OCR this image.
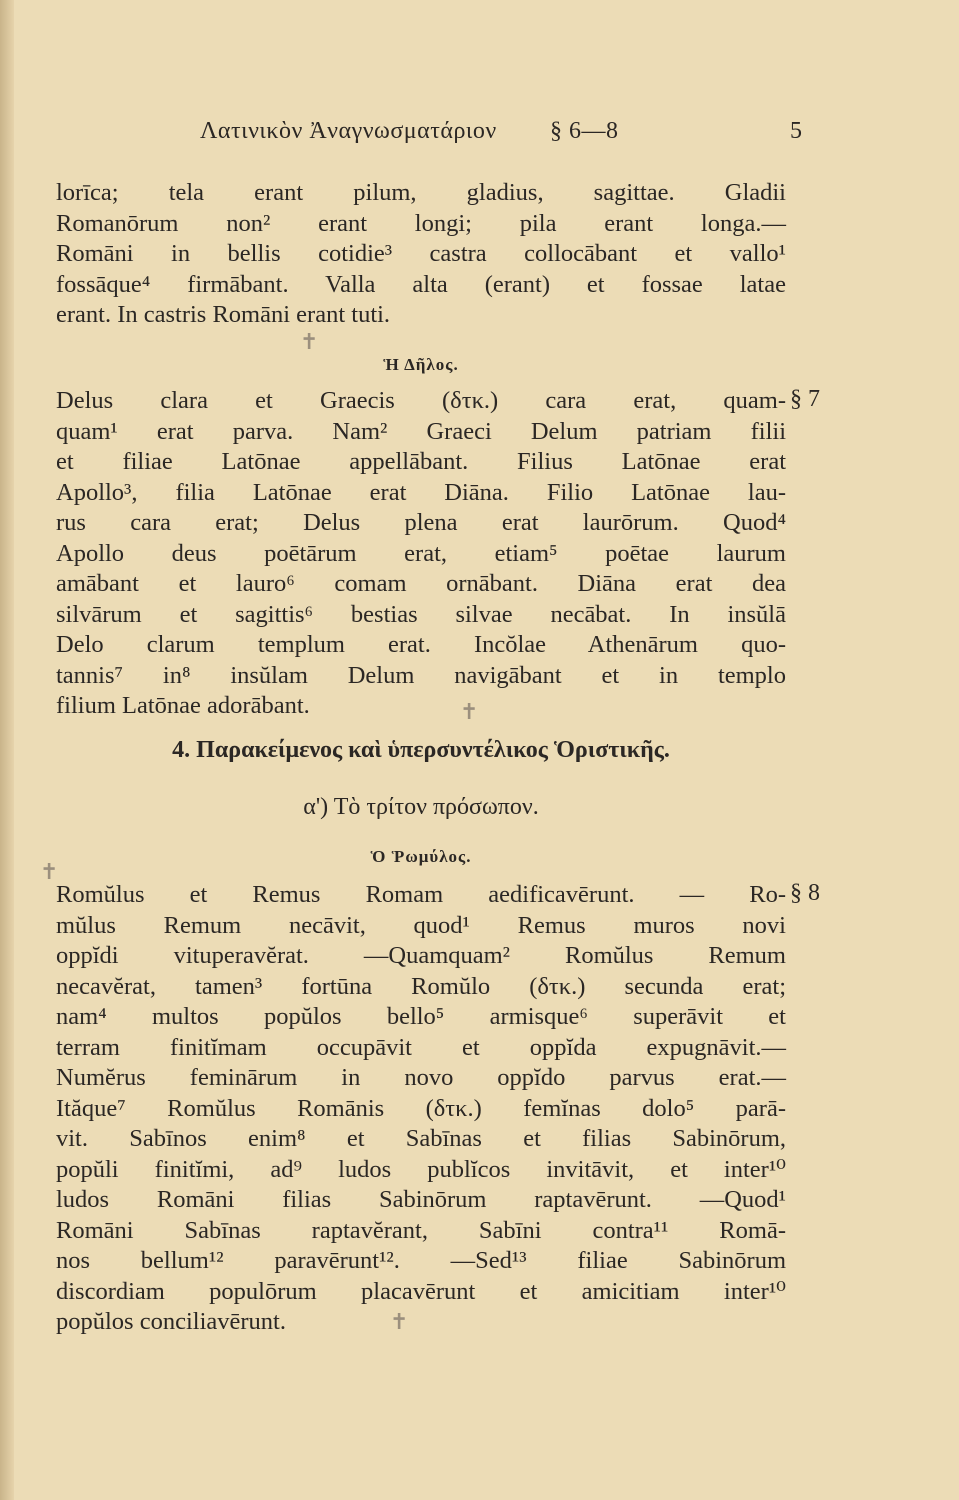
Λατινικὸν Ἀναγνωσματάριον § 6—8	5
lorīca; tela erant pilum, gladius, sagittae. Gladii
Romanōrum non² erant longi; pila erant longa.—
Romāni in bellis cotidie³ castra collocābant et vallo¹
fossāque⁴ firmābant. Valla alta (erant) et fossae latae
erant. In castris Romāni erant tuti.
Ἡ Δῆλος.
§ 7
Delus clara et Graecis (δτκ.) cara erat, quam-
quam¹ erat parva. Nam² Graeci Delum patriam filii
et filiae Latōnae appellābant. Filius Latōnae erat
Apollo³, filia Latōnae erat Diāna. Filio Latōnae lau-
rus cara erat; Delus plena erat laurōrum. Quod⁴
Apollo deus poētārum erat, etiam⁵ poētae laurum
amābant et lauro⁶ comam ornābant. Diāna erat dea
silvārum et sagittis⁶ bestias silvae necābat. In insŭlā
Delo clarum templum erat. Incŏlae Athenārum quo-
tannis⁷ in⁸ insŭlam Delum navigābant et in templo
filium Latōnae adorābant.
4. Παρακείμενος καὶ ὑπερσυντέλικος Ὁριστικῆς.
α') Τὸ τρίτον πρόσωπον.
Ὁ Ῥωμύλος.
§ 8
Romŭlus et Remus Romam aedificavērunt. — Ro-
mŭlus Remum necāvit, quod¹ Remus muros novi
oppĭdi vituperavĕrat. —Quamquam² Romŭlus Remum
necavĕrat, tamen³ fortūna Romŭlo (δτκ.) secunda erat;
nam⁴ multos popŭlos bello⁵ armisque⁶ superāvit et
terram finitĭmam occupāvit et oppĭda expugnāvit.—
Numĕrus feminārum in novo oppĭdo parvus erat.—
Ităque⁷ Romŭlus Romānis (δτκ.) femĭnas dolo⁵ parā-
vit. Sabīnos enim⁸ et Sabīnas et filias Sabinōrum,
popŭli finitĭmi, ad⁹ ludos publĭcos invitāvit, et inter¹⁰
ludos Romāni filias Sabinōrum raptavērunt. —Quod¹
Romāni Sabīnas raptavĕrant, Sabīni contra¹¹ Romā-
nos bellum¹² paravērunt¹². —Sed¹³ filiae Sabinōrum
discordiam populōrum placavērunt et amicitiam inter¹⁰
popŭlos conciliavērunt.
✝
✝
✝
✝
